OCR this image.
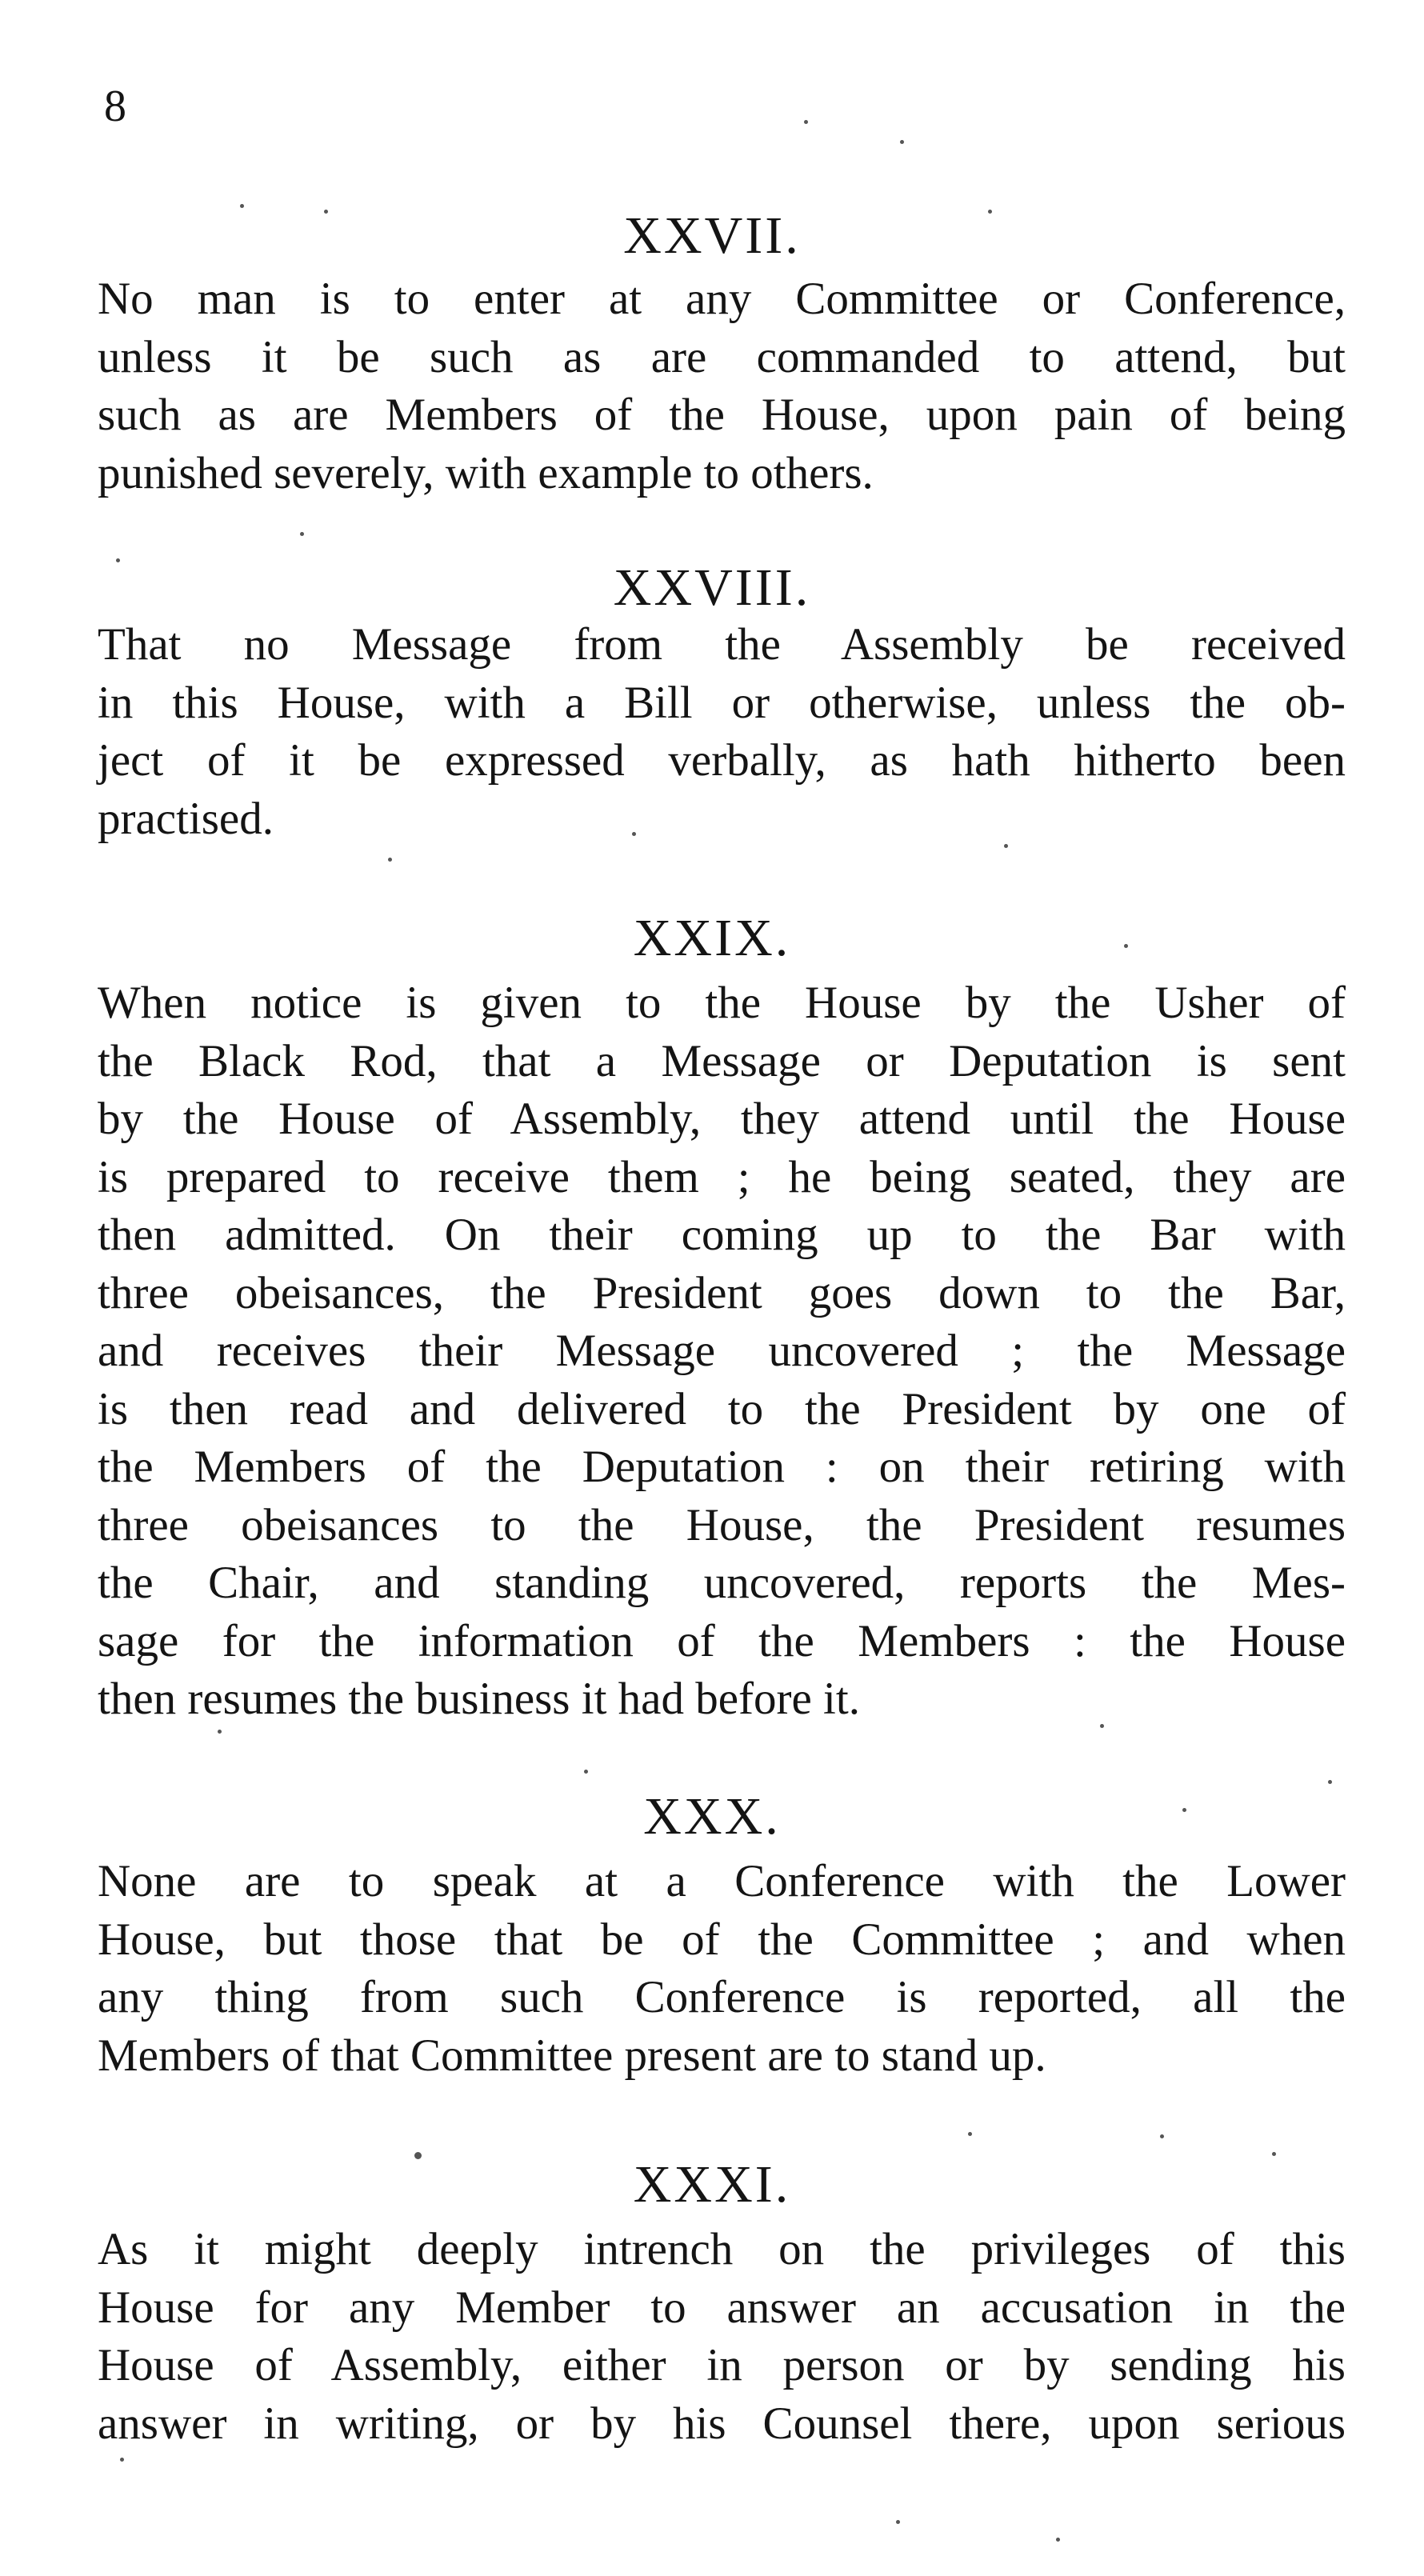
8
XXVII.
No man is to enter at any Committee or Conference,
unless it be such as are commanded to attend, but
such as are Members of the House, upon pain of being
punished severely, with example to others.
XXVIII.
That no Message from the Assembly be received
in this House, with a Bill or otherwise, unless the ob-
ject of it be expressed verbally, as hath hitherto been
practised.
XXIX.
When notice is given to the House by the Usher of
the Black Rod, that a Message or Deputation is sent
by the House of Assembly, they attend until the House
is prepared to receive them ; he being seated, they are
then admitted. On their coming up to the Bar with
three obeisances, the President goes down to the Bar,
and receives their Message uncovered ; the Message
is then read and delivered to the President by one of
the Members of the Deputation : on their retiring with
three obeisances to the House, the President resumes
the Chair, and standing uncovered, reports the Mes-
sage for the information of the Members : the House
then resumes the business it had before it.
XXX.
None are to speak at a Conference with the Lower
House, but those that be of the Committee ; and when
any thing from such Conference is reported, all the
Members of that Committee present are to stand up.
XXXI.
As it might deeply intrench on the privileges of this
House for any Member to answer an accusation in the
House of Assembly, either in person or by sending his
answer in writing, or by his Counsel there, upon serious
